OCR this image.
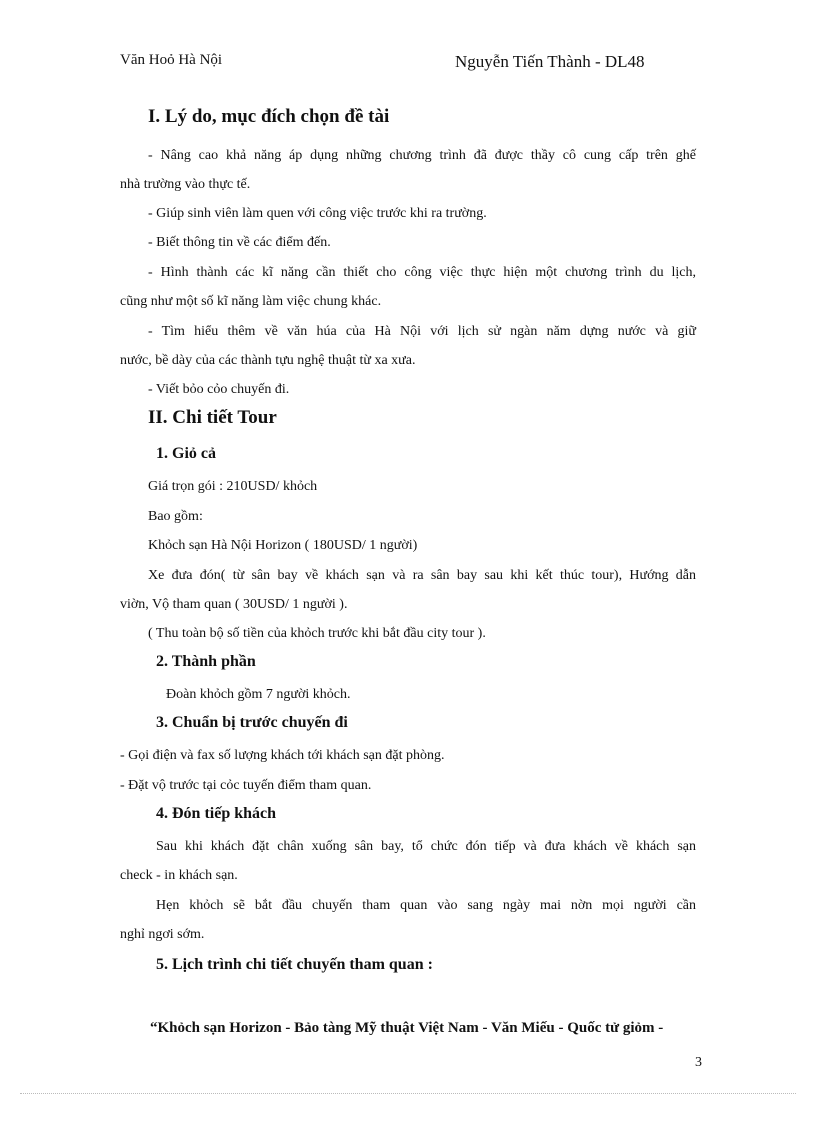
Văn Hoỏ Hà Nội	Nguyễn Tiến Thành - DL48
I. Lý do, mục đích chọn đề tài
- Nâng cao khả năng áp dụng những chương trình đã được thầy cô cung cấp trên ghế
nhà trường vào thực tế.
- Giúp sinh viên làm quen với công việc trước khi ra trường.
- Biết thông tin về các điểm đến.
- Hình thành các kĩ năng cần thiết cho công việc thực hiện một chương trình du lịch,
cũng như một số kĩ năng làm việc chung khác.
- Tìm hiểu thêm về văn húa của Hà Nội với lịch sử ngàn năm dựng nước và giữ
nước, bề dày của các thành tựu nghệ thuật từ xa xưa.
- Viết bỏo cỏo chuyến đi.
II. Chi tiết Tour
1. Giỏ cả
Giá trọn gói : 210USD/ khỏch
Bao gồm:
Khỏch sạn Hà Nội Horizon ( 180USD/ 1 người)
Xe đưa đón( từ sân bay về khách sạn và ra sân bay sau khi kết thúc tour), Hướng dẫn
viờn, Vộ tham quan ( 30USD/ 1 người ).
( Thu toàn bộ số tiền của khỏch trước khi bắt đầu city tour ).
2. Thành phần
Đoàn khỏch gồm 7 người khỏch.
3. Chuẩn bị trước chuyến đi
- Gọi điện và fax số lượng khách tới khách sạn đặt phòng.
- Đặt vộ trước tại cỏc tuyến điểm tham quan.
4. Đón tiếp khách
Sau khi khách đặt chân xuống sân bay, tổ chức đón tiếp và đưa khách về khách sạn
check - in khách sạn.
Hẹn khỏch sẽ bắt đầu chuyến tham quan vào sang ngày mai nờn mọi người cần
nghỉ ngơi sớm.
5. Lịch trình chi tiết chuyến tham quan :
“Khỏch sạn Horizon - Bảo tàng Mỹ thuật Việt Nam - Văn Miếu - Quốc tử giỏm -
3
